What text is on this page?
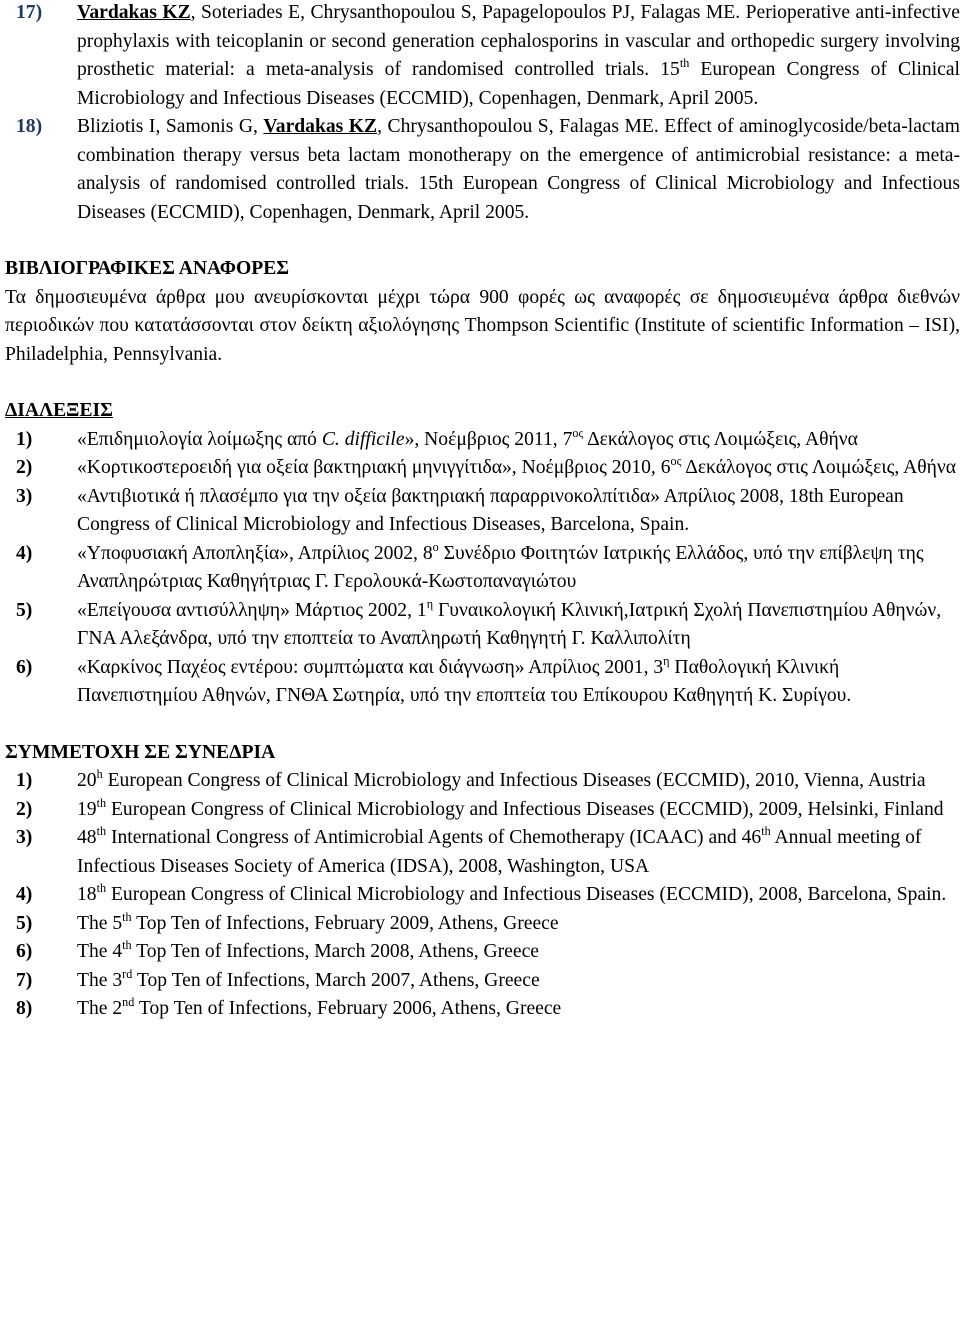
17) Vardakas KZ, Soteriades E, Chrysanthopoulou S, Papagelopoulos PJ, Falagas ME. Perioperative anti-infective prophylaxis with teicoplanin or second generation cephalosporins in vascular and orthopedic surgery involving prosthetic material: a meta-analysis of randomised controlled trials. 15th European Congress of Clinical Microbiology and Infectious Diseases (ECCMID), Copenhagen, Denmark, April 2005.
18) Bliziotis I, Samonis G, Vardakas KZ, Chrysanthopoulou S, Falagas ME. Effect of aminoglycoside/beta-lactam combination therapy versus beta lactam monotherapy on the emergence of antimicrobial resistance: a meta-analysis of randomised controlled trials. 15th European Congress of Clinical Microbiology and Infectious Diseases (ECCMID), Copenhagen, Denmark, April 2005.
ΒΙΒΛΙΟΓΡΑΦΙΚΕΣ ΑΝΑΦΟΡΕΣ
Τα δημοσιευμένα άρθρα μου ανευρίσκονται μέχρι τώρα 900 φορές ως αναφορές σε δημοσιευμένα άρθρα διεθνών περιοδικών που κατατάσσονται στον δείκτη αξιολόγησης Thompson Scientific (Institute of scientific Information – ISI), Philadelphia, Pennsylvania.
ΔΙΑΛΕΞΕΙΣ
1) «Επιδημιολογία λοίμωξης από C. difficile», Νοέμβριος 2011, $7^{o\varsigma}$ Δεκάλογος στις Λοιμώξεις, Αθήνα
2) «Κορτικοστεροειδή για οξεία βακτηριακή μηνιγγίτιδα», Νοέμβριος 2010, $6^{o\varsigma}$ Δεκάλογος στις Λοιμώξεις, Αθήνα
3) «Αντιβιοτικά ή πλασέμπο για την οξεία βακτηριακή παραρρινοκολπίτιδα» Απρίλιος 2008, 18th European Congress of Clinical Microbiology and Infectious Diseases, Barcelona, Spain.
4) «Υποφυσιακή Αποπληξία», Απρίλιος 2002, $8^o$ Συνέδριο Φοιτητών Ιατρικής Ελλάδος, υπό την επίβλεψη της Αναπληρώτριας Καθηγήτριας Γ. Γερολουκά-Κωστοπαναγιώτου
5) «Επείγουσα αντισύλληψη» Μάρτιος 2002, $1^\eta$ Γυναικολογική Κλινική,Ιατρική Σχολή Πανεπιστημίου Αθηνών, ΓΝΑ Αλεξάνδρα, υπό την εποπτεία το Αναπληρωτή Καθηγητή Γ. Καλλιπολίτη
6) «Καρκίνος Παχέος εντέρου: συμπτώματα και διάγνωση» Απρίλιος 2001, $3^\eta$ Παθολογική Κλινική Πανεπιστημίου Αθηνών, ΓΝΘΑ Σωτηρία, υπό την εποπτεία του Επίκουρου Καθηγητή Κ. Συρίγου.
ΣΥΜΜΕΤΟΧΗ ΣΕ ΣΥΝΕΔΡΙΑ
1) 20$^h$ European Congress of Clinical Microbiology and Infectious Diseases (ECCMID), 2010, Vienna, Austria
2) 19th European Congress of Clinical Microbiology and Infectious Diseases (ECCMID), 2009, Helsinki, Finland
3) 48th International Congress of Antimicrobial Agents of Chemotherapy (ICAAC) and 46th Annual meeting of Infectious Diseases Society of America (IDSA), 2008, Washington, USA
4) 18th European Congress of Clinical Microbiology and Infectious Diseases (ECCMID), 2008, Barcelona, Spain.
5) The 5th Top Ten of Infections, February 2009, Athens, Greece
6) The 4th Top Ten of Infections, March 2008, Athens, Greece
7) The 3rd Top Ten of Infections, March 2007, Athens, Greece
8) The 2nd Top Ten of Infections, February 2006, Athens, Greece
